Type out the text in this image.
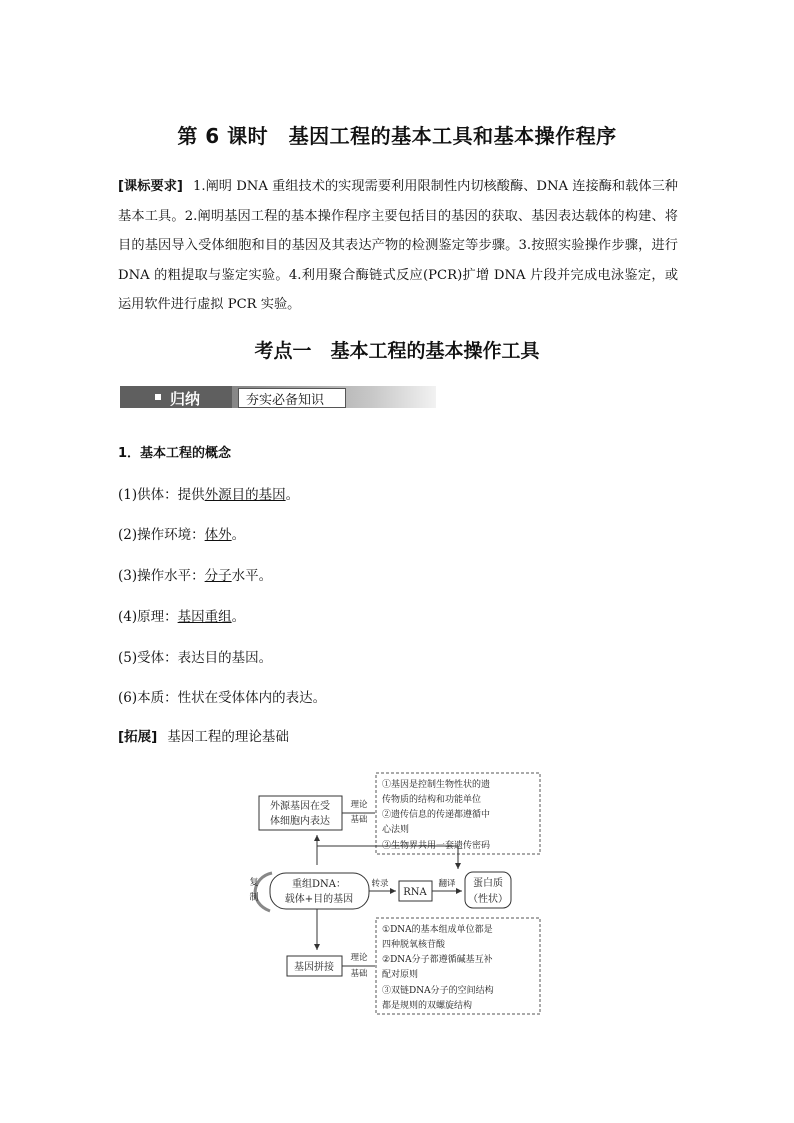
第 6 课时　基因工程的基本工具和基本操作程序
[课标要求] 1.阐明 DNA 重组技术的实现需要利用限制性内切核酸酶、DNA 连接酶和载体三种基本工具。2.阐明基因工程的基本操作程序主要包括目的基因的获取、基因表达载体的构建、将目的基因导入受体细胞和目的基因及其表达产物的检测鉴定等步骤。3.按照实验操作步骤，进行 DNA 的粗提取与鉴定实验。4.利用聚合酶链式反应(PCR)扩增 DNA 片段并完成电泳鉴定，或运用软件进行虚拟 PCR 实验。
考点一　基本工程的基本操作工具
归纳	夯实必备知识
1．基本工程的概念
(1)供体：提供外源目的基因。
(2)操作环境：体外。
(3)操作水平：分子水平。
(4)原理：基因重组。
(5)受体：表达目的基因。
(6)本质：性状在受体体内的表达。
[拓展] 基因工程的理论基础
外源基因在受
体细胞内表达
理论
基础
①基因是控制生物性状的遗
传物质的结构和功能单位
②遗传信息的传递都遵循中
心法则
③生物界共用一套遗传密码
复
制
重组DNA：
载体+目的基因
转录
RNA
翻译 蛋白质
（性状）
基因拼接
理论
基础
①DNA的基本组成单位都是
四种脱氧核苷酸
②DNA分子都遵循碱基互补
配对原则
③双链DNA分子的空间结构
都是规则的双螺旋结构
